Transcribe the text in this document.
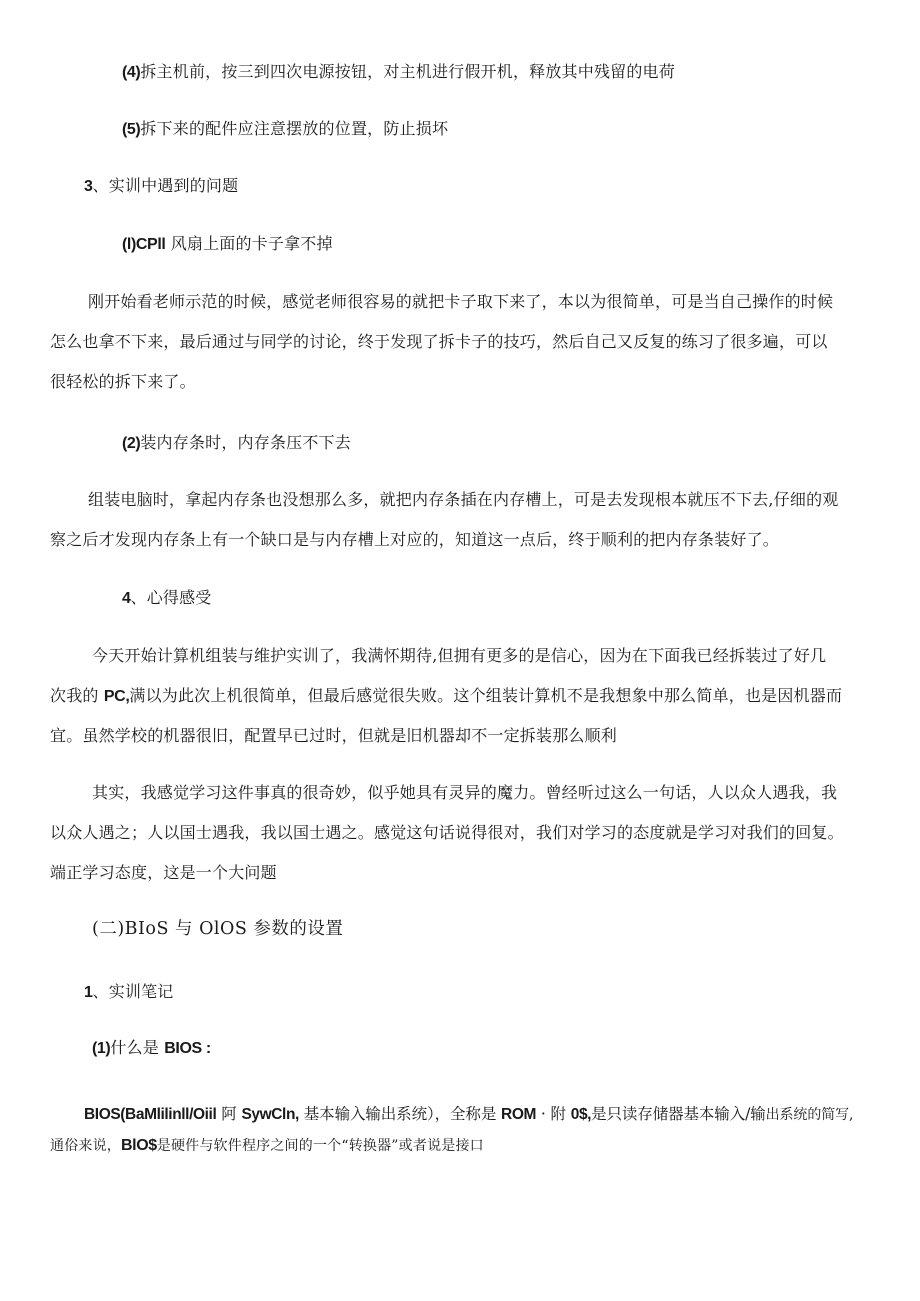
(4)拆主机前，按三到四次电源按钮，对主机进行假开机，释放其中残留的电荷
(5)拆下来的配件应注意摆放的位置，防止损坏
3、实训中遇到的问题
(l)CPll 风扇上面的卡子拿不掉
刚开始看老师示范的时候，感觉老师很容易的就把卡子取下来了，本以为很简单，可是当自己操作的时候
怎么也拿不下来，最后通过与同学的讨论，终于发现了拆卡子的技巧，然后自己又反复的练习了很多遍，可以
很轻松的拆下来了。
(2)装内存条时，内存条压不下去
组装电脑时，拿起内存条也没想那么多，就把内存条插在内存槽上，可是去发现根本就压不下去,仔细的观
察之后才发现内存条上有一个缺口是与内存槽上对应的，知道这一点后，终于顺利的把内存条装好了。
4、心得感受
今天开始计算机组装与维护实训了，我满怀期待,但拥有更多的是信心，因为在下面我已经拆装过了好几
次我的 PC,满以为此次上机很简单，但最后感觉很失败。这个组装计算机不是我想象中那么简单，也是因机器而
宜。虽然学校的机器很旧，配置早已过时，但就是旧机器却不一定拆装那么顺利
其实，我感觉学习这件事真的很奇妙，似乎她具有灵异的魔力。曾经听过这么一句话，人以众人遇我，我
以众人遇之；人以国士遇我，我以国士遇之。感觉这句话说得很对，我们对学习的态度就是学习对我们的回复。
端正学习态度，这是一个大问题
(二)BIoS 与 OlOS 参数的设置
1、实训笔记
(1)什么是 BIOS :
BIOS(BaMlilinll/Oiil 阿 SywCln, 基本输入输出系统），全称是 ROM · 附 0$,是只读存储器基本输入/输出系统的简写,
通俗来说，BlO$是硬件与软件程序之间的一个“转换器”或者说是接口
